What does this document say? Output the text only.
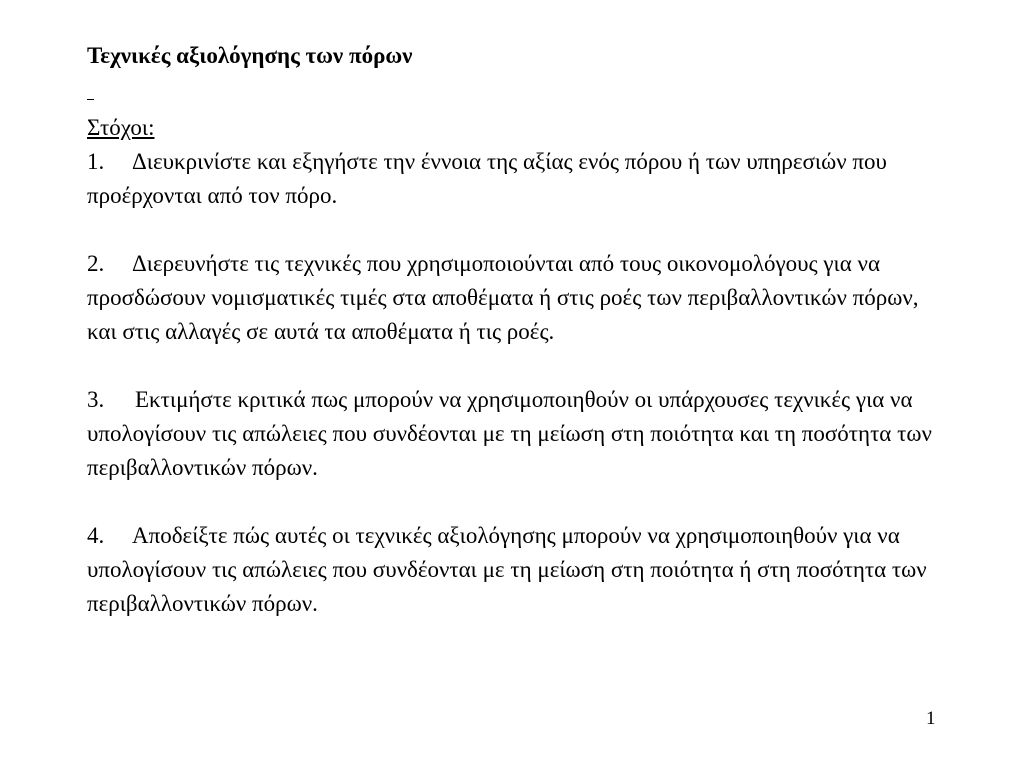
Τεχνικές αξιολόγησης των πόρων
Στόχοι:
1. Διευκρινίστε και εξηγήστε την έννοια της αξίας ενός πόρου ή των υπηρεσιών που προέρχονται από τον πόρο.
2. Διερευνήστε τις τεχνικές που χρησιμοποιούνται από τους οικονομολόγους για να προσδώσουν νομισματικές τιμές στα αποθέματα ή στις ροές των περιβαλλοντικών πόρων, και στις αλλαγές σε αυτά τα αποθέματα ή τις ροές.
3. Εκτιμήστε κριτικά πως μπορούν να χρησιμοποιηθούν οι υπάρχουσες τεχνικές για να υπολογίσουν τις απώλειες που συνδέονται με τη μείωση στη ποιότητα και τη ποσότητα των περιβαλλοντικών πόρων.
4. Αποδείξτε πώς αυτές οι τεχνικές αξιολόγησης μπορούν να χρησιμοποιηθούν για να υπολογίσουν τις απώλειες που συνδέονται με τη μείωση στη ποιότητα ή στη ποσότητα των περιβαλλοντικών πόρων.
1
